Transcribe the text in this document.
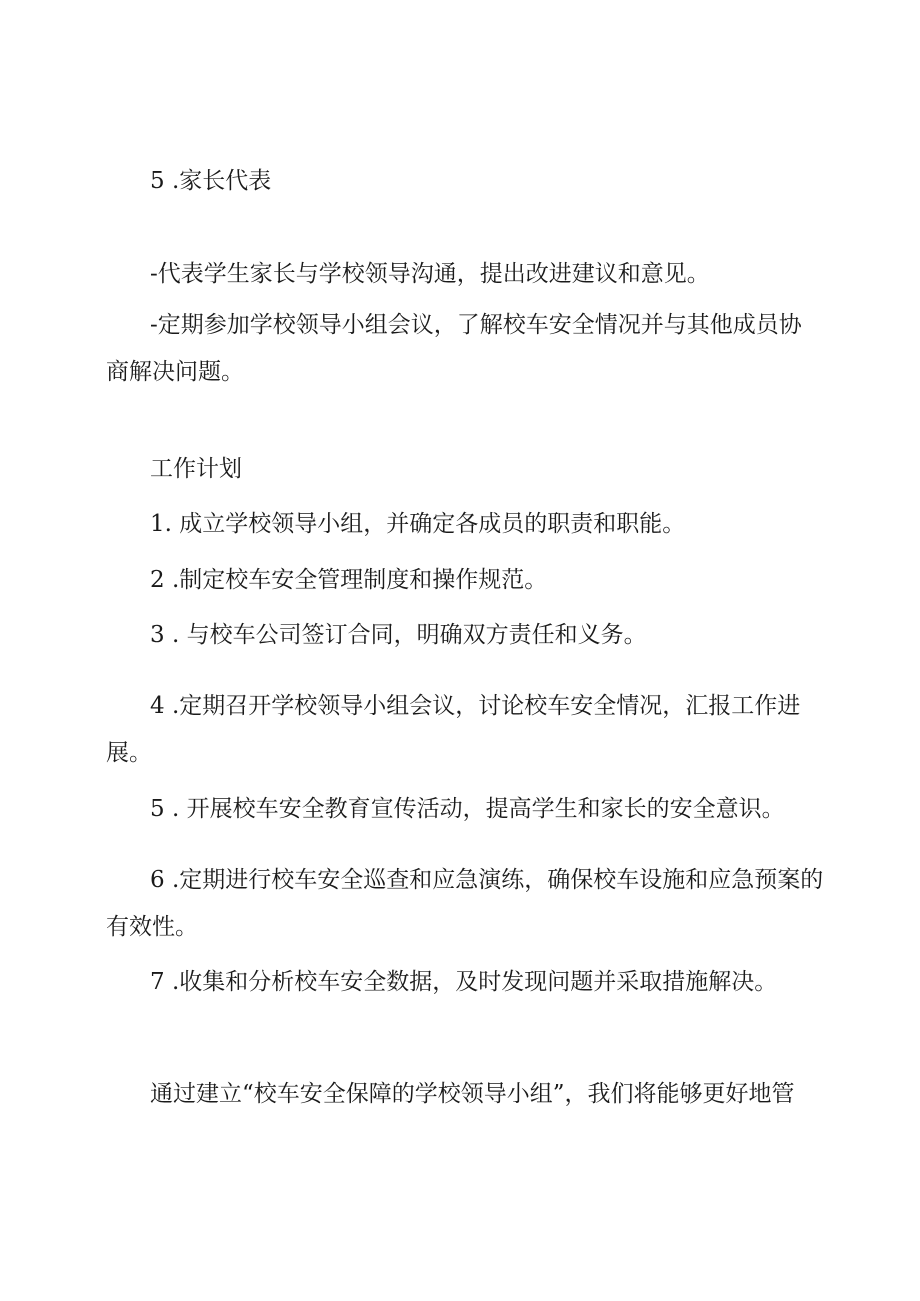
5 .家长代表

-代表学生家长与学校领导沟通，提出改进建议和意见。

-定期参加学校领导小组会议，了解校车安全情况并与其他成员协商解决问题。

工作计划

1. 成立学校领导小组，并确定各成员的职责和职能。

2 .制定校车安全管理制度和操作规范。

3 . 与校车公司签订合同，明确双方责任和义务。

4 .定期召开学校领导小组会议，讨论校车安全情况，汇报工作进展。

5 . 开展校车安全教育宣传活动，提高学生和家长的安全意识。

6 .定期进行校车安全巡查和应急演练，确保校车设施和应急预案的有效性。

7 .收集和分析校车安全数据，及时发现问题并采取措施解决。

通过建立“校车安全保障的学校领导小组”，我们将能够更好地管
